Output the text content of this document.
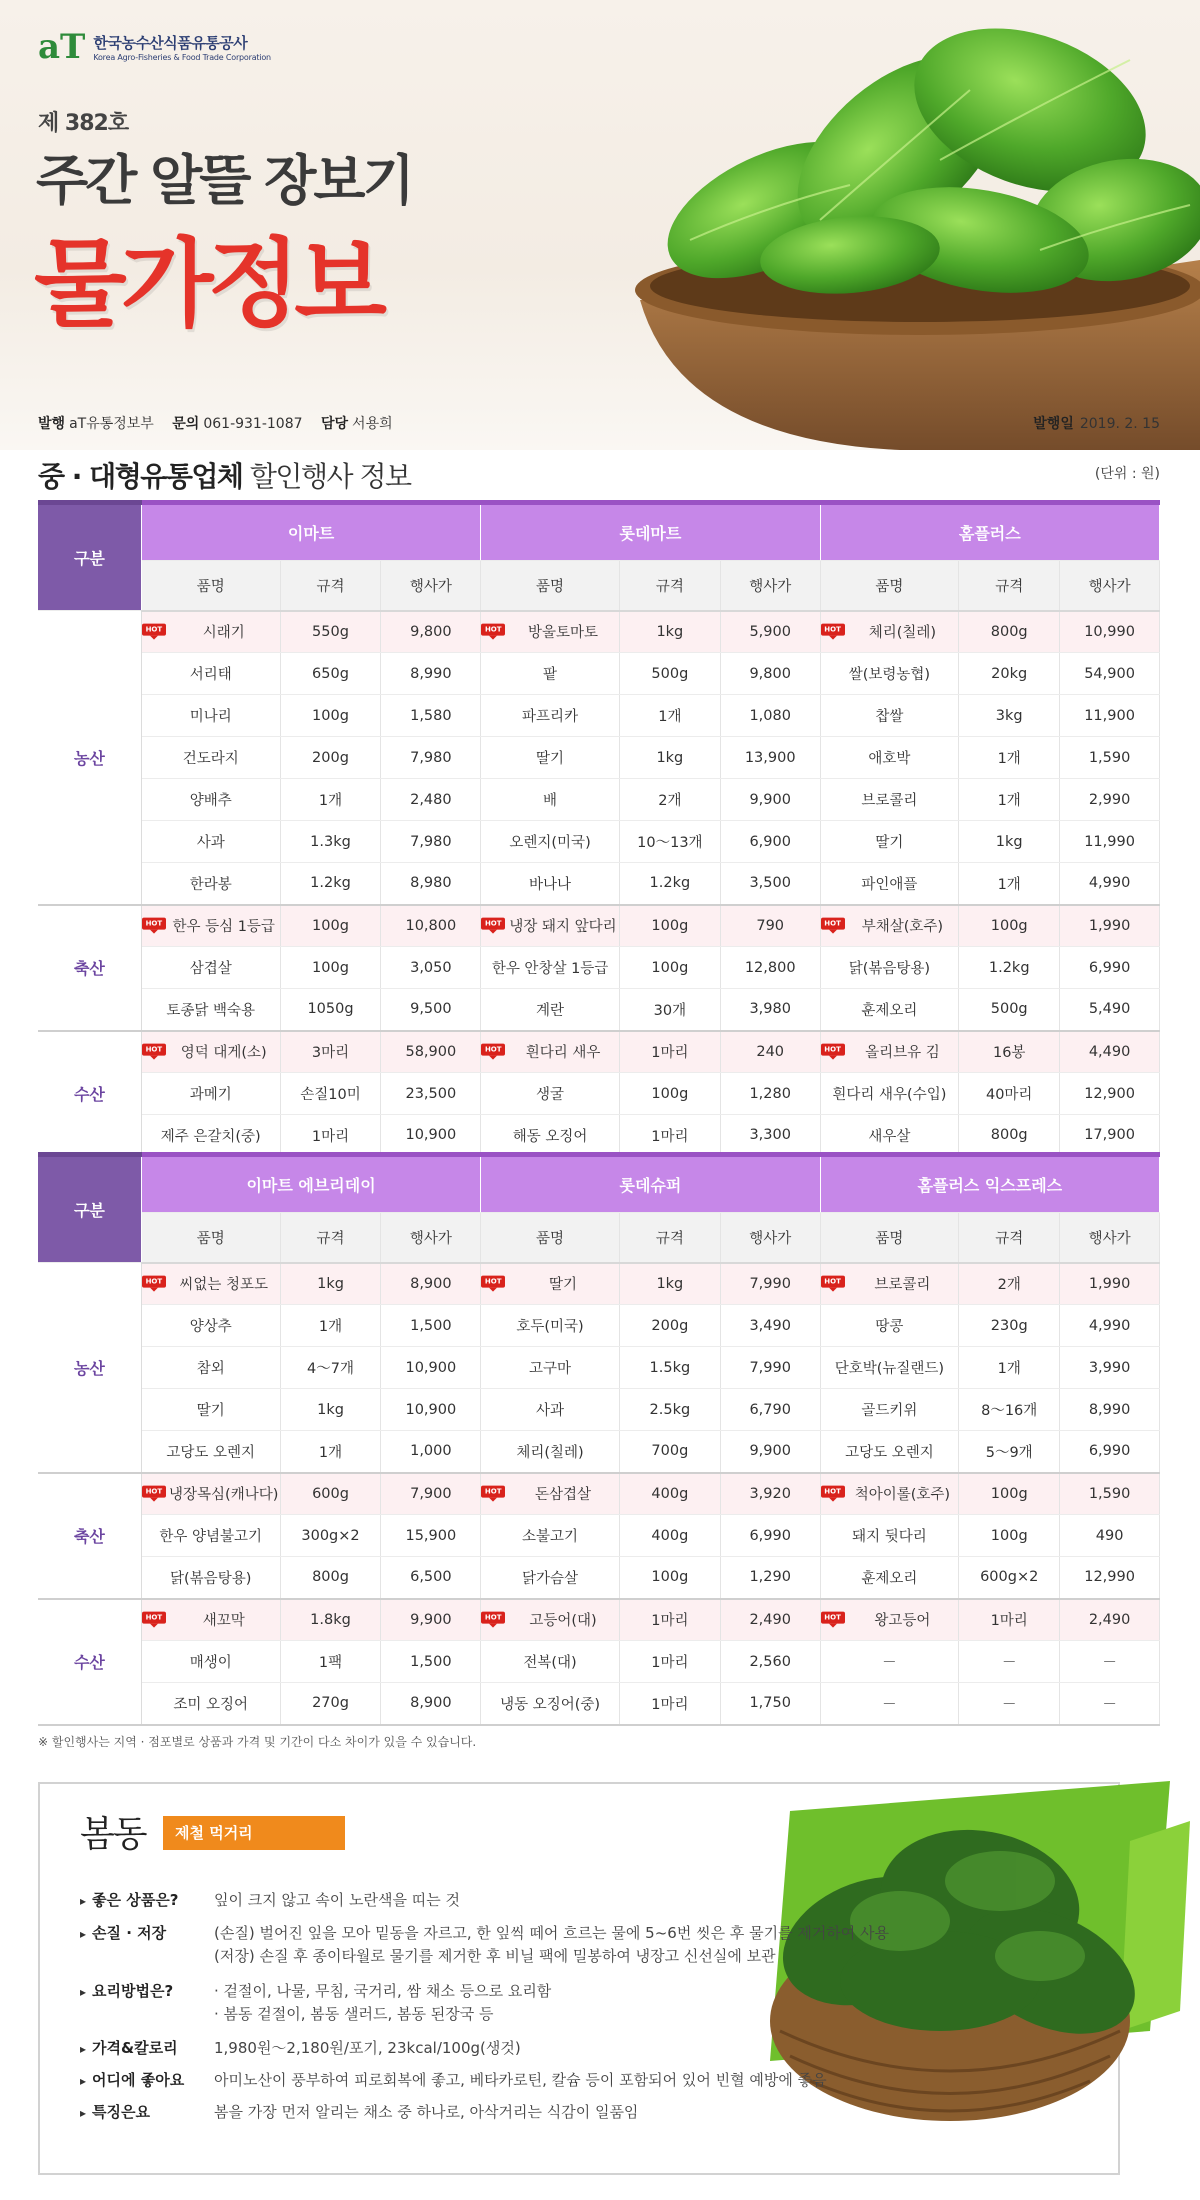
aT 한국농수산식품유통공사
Korea Agro-Fisheries & Food Trade Corporation
제 382호
주간 알뜰 장보기
물가정보
발행 aT유통정보부 문의 061-931-1087 담당 서용희	발행일 2019. 2. 15
중 · 대형유통업체 할인행사 정보	(단위 : 원)
구분	이마트			롯데마트			홈플러스		
	품명	규격	행사가	품명	규격	행사가	품명	규격	행사가
농산	HOT 시래기	550g	9,800	HOT 방울토마토	1kg	5,900	HOT 체리(칠레)	800g	10,990
	서리태	650g	8,990	팥	500g	9,800	쌀(보령농협)	20kg	54,900
	미나리	100g	1,580	파프리카	1개	1,080	찹쌀	3kg	11,900
	건도라지	200g	7,980	딸기	1kg	13,900	애호박	1개	1,590
	양배추	1개	2,480	배	2개	9,900	브로콜리	1개	2,990
	사과	1.3kg	7,980	오렌지(미국)	10～13개	6,900	딸기	1kg	11,990
	한라봉	1.2kg	8,980	바나나	1.2kg	3,500	파인애플	1개	4,990
축산	HOT 한우 등심 1등급	100g	10,800	HOT 냉장 돼지 앞다리	100g	790	HOT 부채살(호주)	100g	1,990
	삼겹살	100g	3,050	한우 안창살 1등급	100g	12,800	닭(볶음탕용)	1.2kg	6,990
	토종닭 백숙용	1050g	9,500	계란	30개	3,980	훈제오리	500g	5,490
수산	HOT 영덕 대게(소)	3마리	58,900	HOT 흰다리 새우	1마리	240	HOT 올리브유 김	16봉	4,490
	과메기	손질10미	23,500	생굴	100g	1,280	흰다리 새우(수입)	40마리	12,900
	제주 은갈치(중)	1마리	10,900	해동 오징어	1마리	3,300	새우살	800g	17,900
구분	이마트 에브리데이			롯데슈퍼			홈플러스 익스프레스		
	품명	규격	행사가	품명	규격	행사가	품명	규격	행사가
농산	HOT 씨없는 청포도	1kg	8,900	HOT 딸기	1kg	7,990	HOT 브로콜리	2개	1,990
	양상추	1개	1,500	호두(미국)	200g	3,490	땅콩	230g	4,990
	참외	4～7개	10,900	고구마	1.5kg	7,990	단호박(뉴질랜드)	1개	3,990
	딸기	1kg	10,900	사과	2.5kg	6,790	골드키위	8～16개	8,990
	고당도 오렌지	1개	1,000	체리(칠레)	700g	9,900	고당도 오렌지	5～9개	6,990
축산	HOT 냉장목심(캐나다)	600g	7,900	HOT 돈삼겹살	400g	3,920	HOT 척아이롤(호주)	100g	1,590
	한우 양념불고기	300g×2	15,900	소불고기	400g	6,990	돼지 뒷다리	100g	490
	닭(볶음탕용)	800g	6,500	닭가슴살	100g	1,290	훈제오리	600g×2	12,990
수산	HOT 새꼬막	1.8kg	9,900	HOT 고등어(대)	1마리	2,490	HOT 왕고등어	1마리	2,490
	매생이	1팩	1,500	전복(대)	1마리	2,560	－	－	－
	조미 오징어	270g	8,900	냉동 오징어(중)	1마리	1,750	－	－	－
※ 할인행사는 지역 · 점포별로 상품과 가격 및 기간이 다소 차이가 있을 수 있습니다.
봄동	제철 먹거리
▸ 좋은 상품은?	잎이 크지 않고 속이 노란색을 띠는 것
▸ 손질 · 저장	(손질) 벌어진 잎을 모아 밑동을 자르고, 한 잎씩 떼어 흐르는 물에 5~6번 씻은 후 물기를 제거하여 사용
(저장) 손질 후 종이타월로 물기를 제거한 후 비닐 팩에 밀봉하여 냉장고 신선실에 보관
▸ 요리방법은?	· 겉절이, 나물, 무침, 국거리, 쌈 채소 등으로 요리함
· 봄동 겉절이, 봄동 샐러드, 봄동 된장국 등
▸ 가격&칼로리	1,980원～2,180원/포기, 23kcal/100g(생것)
▸ 어디에 좋아요	아미노산이 풍부하여 피로회복에 좋고, 베타카로틴, 칼슘 등이 포함되어 있어 빈혈 예방에 좋음
▸ 특징은요	봄을 가장 먼저 알리는 채소 중 하나로, 아삭거리는 식감이 일품임
